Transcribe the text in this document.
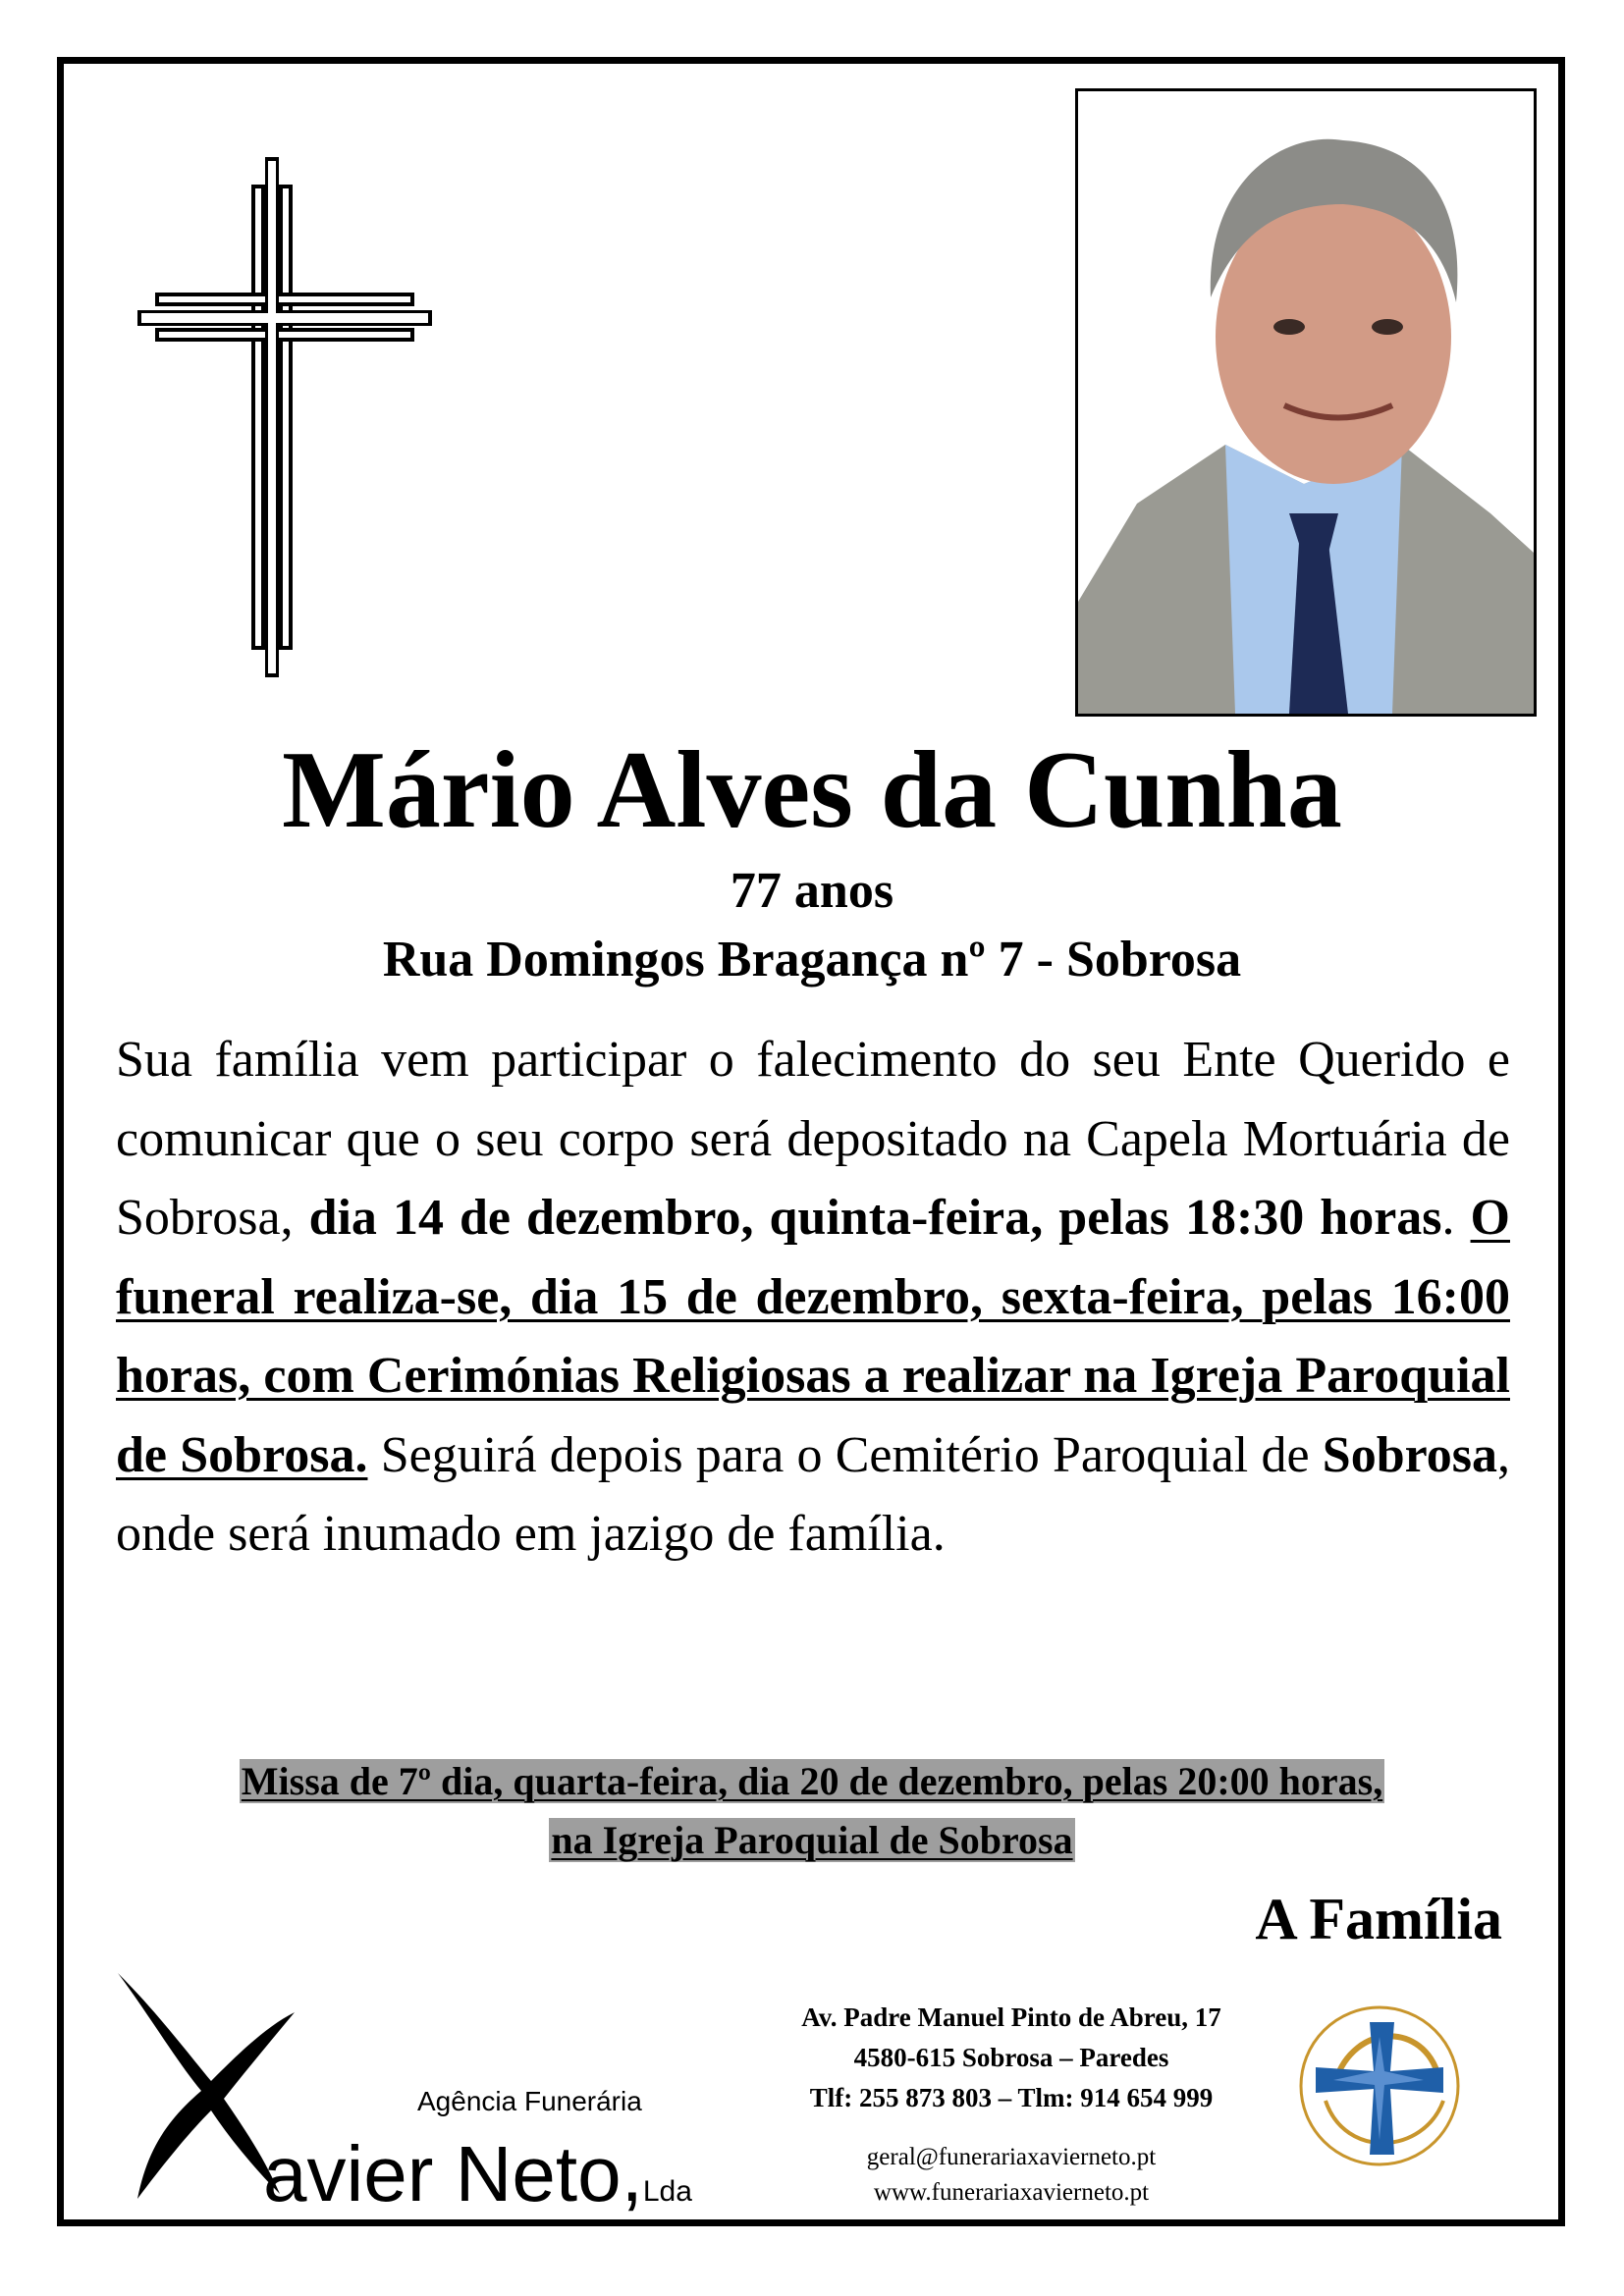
Mário Alves da Cunha
77 anos
Rua Domingos Bragança nº 7 - Sobrosa
Sua família vem participar o falecimento do seu Ente Querido e comunicar que o seu corpo será depositado na Capela Mortuária de Sobrosa, dia 14 de dezembro, quinta-feira, pelas 18:30 horas. O funeral realiza-se, dia 15 de dezembro, sexta-feira, pelas 16:00 horas, com Cerimónias Religiosas a realizar na Igreja Paroquial de Sobrosa. Seguirá depois para o Cemitério Paroquial de Sobrosa, onde será inumado em jazigo de família.
Missa de 7º dia, quarta-feira, dia 20 de dezembro, pelas 20:00 horas,
na Igreja Paroquial de Sobrosa
A Família
Agência Funerária
avier Neto,Lda
Av. Padre Manuel Pinto de Abreu, 17
4580-615 Sobrosa – Paredes
Tlf: 255 873 803 – Tlm: 914 654 999
geral@funerariaxavierneto.pt
www.funerariaxavierneto.pt
